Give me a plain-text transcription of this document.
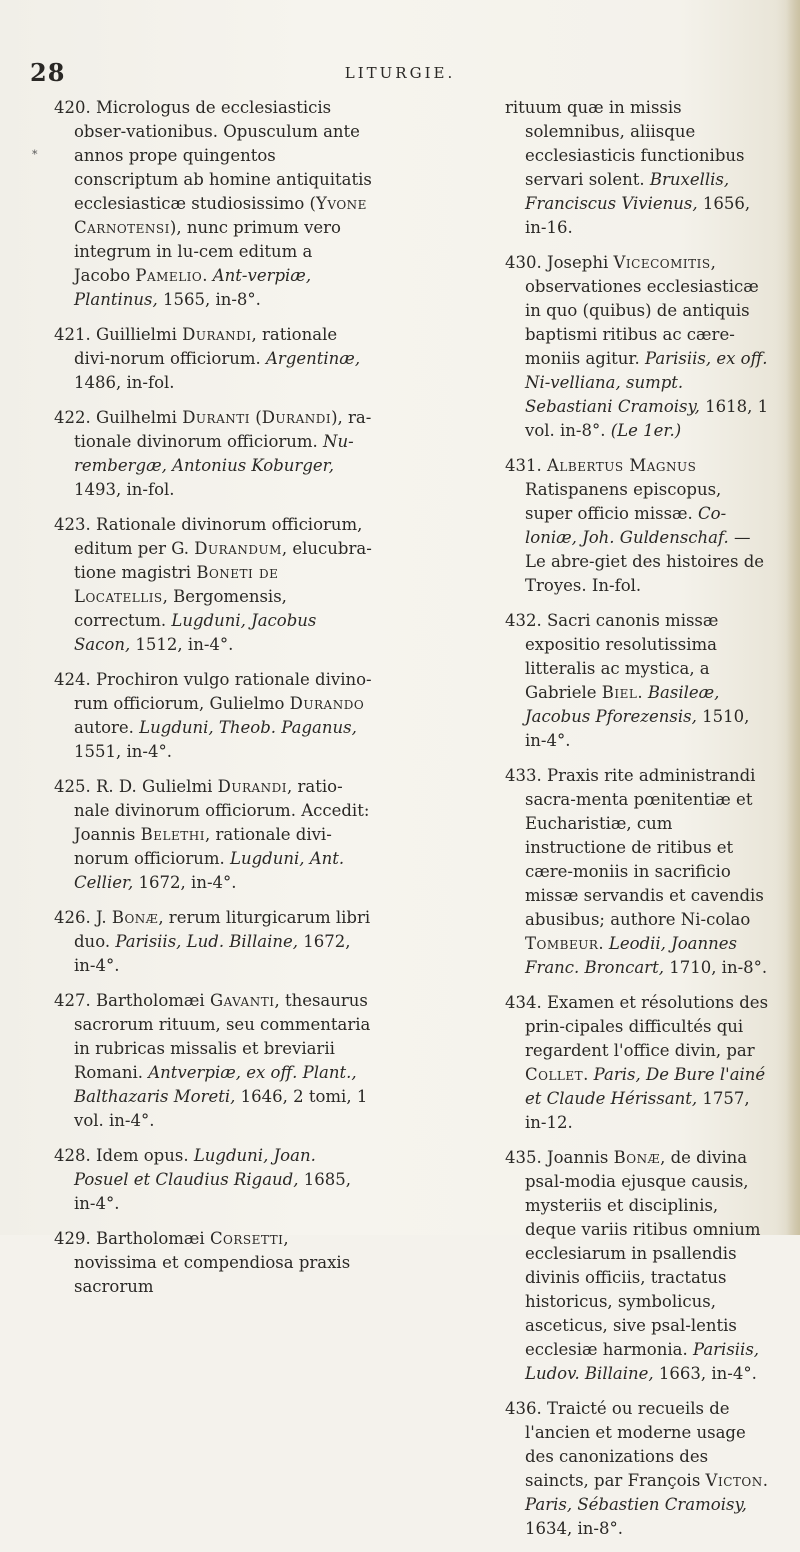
28	LITURGIE.
*

420. Micrologus de ecclesiasticis obser-vationibus. Opusculum ante annos prope quingentos conscriptum ab homine antiquitatis ecclesiasticæ studiosissimo (Yvone Carnotensi), nunc primum vero integrum in lu-cem editum a Jacobo Pamelio. Ant-verpiæ, Plantinus, 1565, in-8°.

421. Guillielmi Durandi, rationale divi-norum officiorum. Argentinæ, 1486, in-fol.

422. Guilhelmi Duranti (Durandi), ra-tionale divinorum officiorum. Nu-rembergæ, Antonius Koburger, 1493, in-fol.

423. Rationale divinorum officiorum, editum per G. Durandum, elucubra-tione magistri Boneti de Locatellis, Bergomensis, correctum. Lugduni, Jacobus Sacon, 1512, in-4°.

424. Prochiron vulgo rationale divino-rum officiorum, Gulielmo Durando autore. Lugduni, Theob. Paganus, 1551, in-4°.

425. R. D. Gulielmi Durandi, ratio-nale divinorum officiorum. Accedit: Joannis Belethi, rationale divi-norum officiorum. Lugduni, Ant. Cellier, 1672, in-4°.

426. J. Bonæ, rerum liturgicarum libri duo. Parisiis, Lud. Billaine, 1672, in-4°.

427. Bartholomæi Gavanti, thesaurus sacrorum rituum, seu commentaria in rubricas missalis et breviarii Romani. Antverpiæ, ex off. Plant., Balthazaris Moreti, 1646, 2 tomi, 1 vol. in-4°.

428. Idem opus. Lugduni, Joan. Posuel et Claudius Rigaud, 1685, in-4°.

429. Bartholomæi Corsetti, novissima et compendiosa praxis sacrorum

rituum quæ in missis solemnibus, aliisque ecclesiasticis functionibus servari solent. Bruxellis, Franciscus Vivienus, 1656, in-16.

430. Josephi Vicecomitis, observationes ecclesiasticæ in quo (quibus) de antiquis baptismi ritibus ac cære-moniis agitur. Parisiis, ex off. Ni-velliana, sumpt. Sebastiani Cramoisy, 1618, 1 vol. in-8°. (Le 1er.)

431. Albertus Magnus Ratispanens episcopus, super officio missæ. Co-loniæ, Joh. Guldenschaf. — Le abre-giet des histoires de Troyes. In-fol.

432. Sacri canonis missæ expositio resolutissima litteralis ac mystica, a Gabriele Biel. Basileæ, Jacobus Pforezensis, 1510, in-4°.

433. Praxis rite administrandi sacra-menta pœnitentiæ et Eucharistiæ, cum instructione de ritibus et cære-moniis in sacrificio missæ servandis et cavendis abusibus; authore Ni-colao Tombeur. Leodii, Joannes Franc. Broncart, 1710, in-8°.

434. Examen et résolutions des prin-cipales difficultés qui regardent l'office divin, par Collet. Paris, De Bure l'ainé et Claude Hérissant, 1757, in-12.

435. Joannis Bonæ, de divina psal-modia ejusque causis, mysteriis et disciplinis, deque variis ritibus omnium ecclesiarum in psallendis divinis officiis, tractatus historicus, symbolicus, asceticus, sive psal-lentis ecclesiæ harmonia. Parisiis, Ludov. Billaine, 1663, in-4°.

436. Traicté ou recueils de l'ancien et moderne usage des canonizations des saincts, par François Victon. Paris, Sébastien Cramoisy, 1634, in-8°.
